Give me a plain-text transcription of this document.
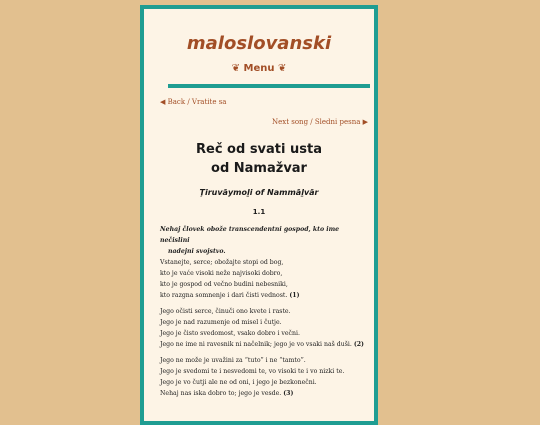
maloslovanski
❦ Menu ❦
◀ Back / Vratite sa
Next song / Sledni pesna ▶
Reč od svati usta
od Namažvar
Ţiruvāymoḻi of Nammāḻvār
1.1
Nehaj človek obože transcendentni gospod, kto ime nečislini
nadejni svojstvo.
Vstanejte, serce; obožajte stopi od bog,
kto je vaće visoki neže najvisoki dobro,
kto je gospod od večno budini nebesniki,
kto razgna somnenje i dari čisti vednost. (1)
Jego očisti serce, činuči ono kvete i raste.
Jego je nad razumenje od misel i čutje.
Jego je čisto svedomost, vsako dobro i večni.
Jego ne ime ni ravesnik ni načelnik; jego je vo vsaki naš duši. (2)
Jego ne može je uvažini za “tuto” i ne “tamto”.
Jego je svedomi te i nesvedomi te, vo visoki te i vo nizki te.
Jego je vo čutji ale ne od oni, i jego je bezkonečni.
Nehaj nas iska dobro to; jego je vesde. (3)
